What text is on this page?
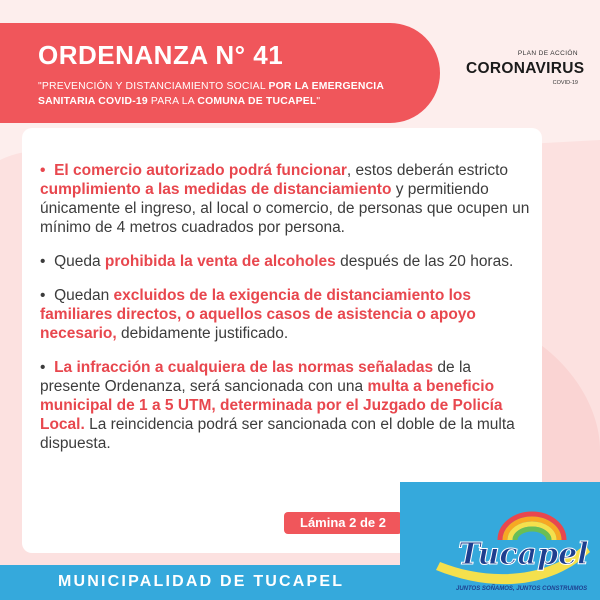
ORDENANZA N° 41

"PREVENCIÓN Y DISTANCIAMIENTO SOCIAL POR LA EMERGENCIA SANITARIA COVID-19 PARA LA COMUNA DE TUCAPEL"

PLAN DE ACCIÓN
CORONAVIRUS
COVID-19

• El comercio autorizado podrá funcionar, estos deberán estricto cumplimiento a las medidas de distanciamiento y permitiendo únicamente el ingreso, al local o comercio, de personas que ocupen un mínimo de 4 metros cuadrados por persona.

• Queda prohibida la venta de alcoholes después de las 20 horas.

• Quedan excluidos de la exigencia de distanciamiento los familiares directos, o aquellos casos de asistencia o apoyo necesario, debidamente justificado.

• La infracción a cualquiera de las normas señaladas de la presente Ordenanza, será sancionada con una multa a beneficio municipal de 1 a 5 UTM, determinada por el Juzgado de Policía Local. La reincidencia podrá ser sancionada con el doble de la multa dispuesta.

Lámina 2 de 2
MUNICIPALIDAD DE TUCAPEL
Tucapel
JUNTOS SOÑAMOS, JUNTOS CONSTRUIMOS
